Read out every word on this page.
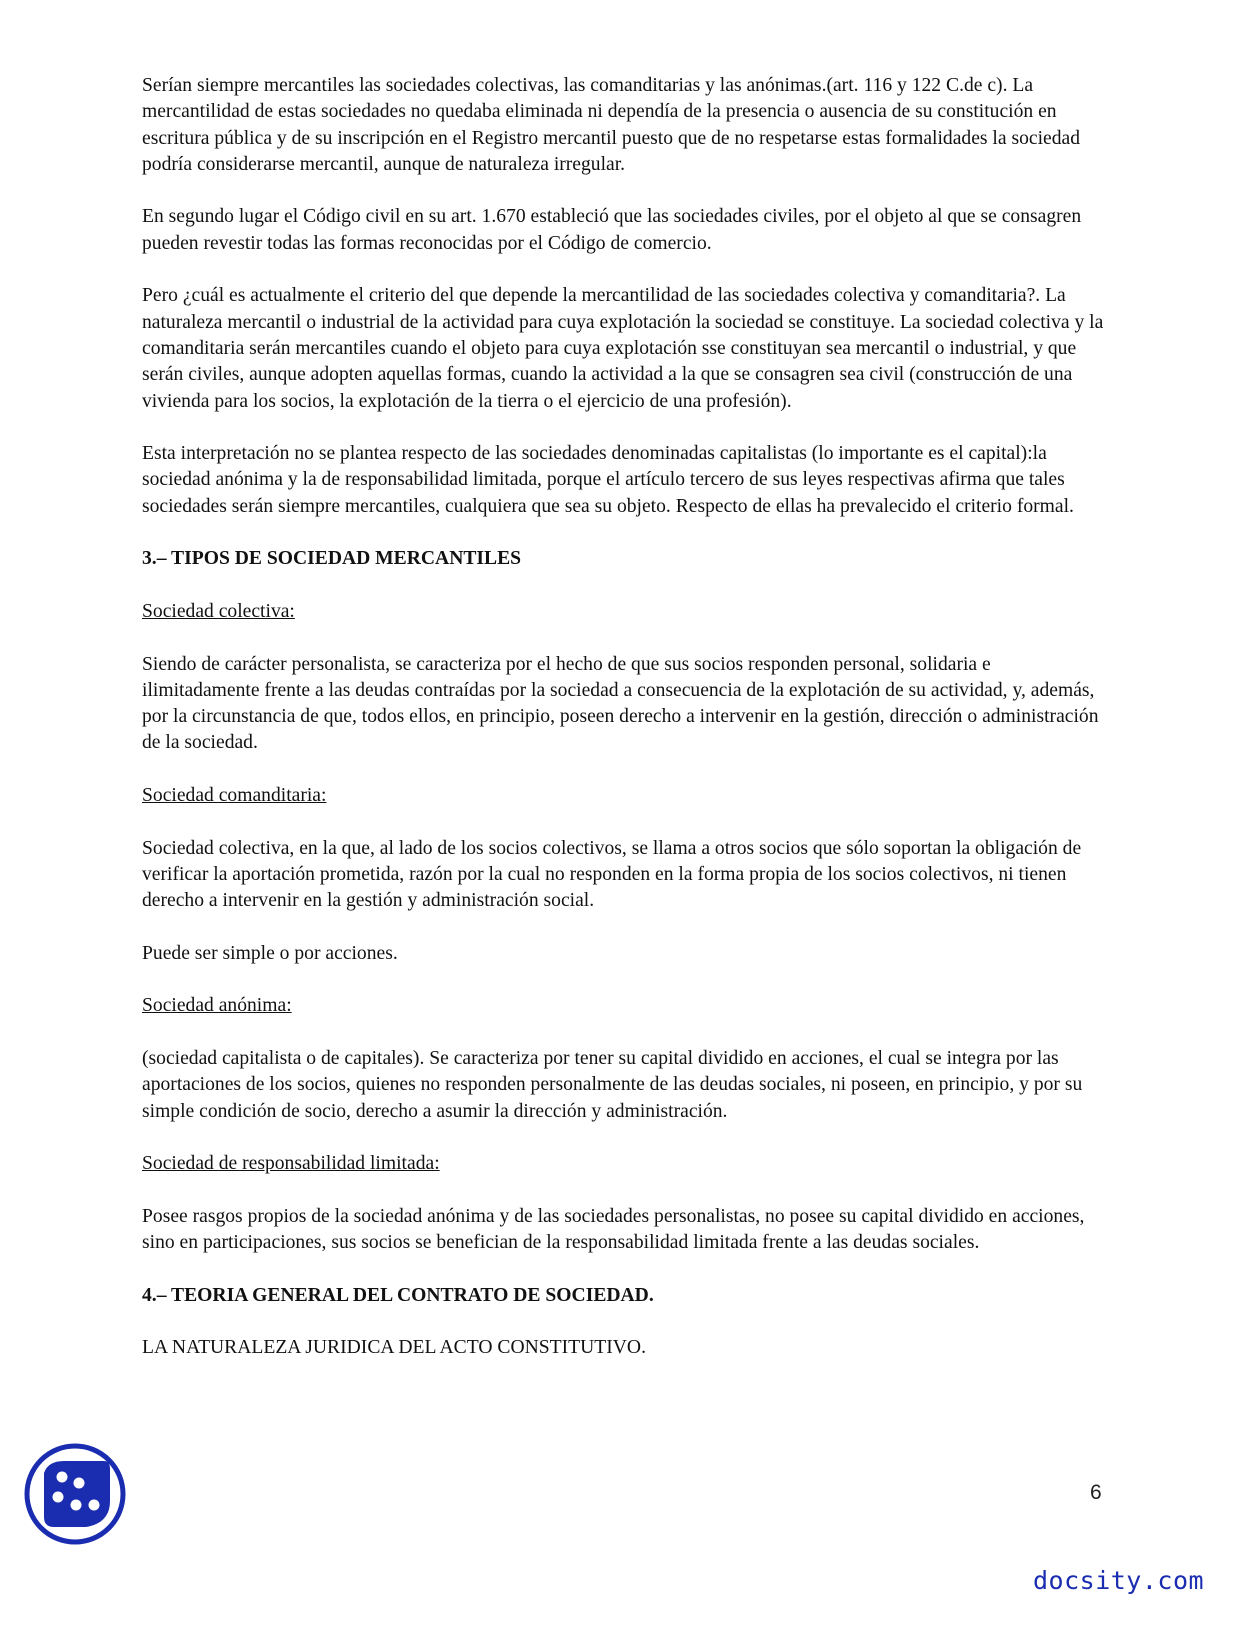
Serían siempre mercantiles las sociedades colectivas, las comanditarias y las anónimas.(art. 116 y 122 C.de c). La mercantilidad de estas sociedades no quedaba eliminada ni dependía de la presencia o ausencia de su constitución en escritura pública y de su inscripción en el Registro mercantil puesto que de no respetarse estas formalidades la sociedad podría considerarse mercantil, aunque de naturaleza irregular.

En segundo lugar el Código civil en su art. 1.670 estableció que las sociedades civiles, por el objeto al que se consagren pueden revestir todas las formas reconocidas por el Código de comercio.

Pero ¿cuál es actualmente el criterio del que depende la mercantilidad de las sociedades colectiva y comanditaria?. La naturaleza mercantil o industrial de la actividad para cuya explotación la sociedad se constituye. La sociedad colectiva y la comanditaria serán mercantiles cuando el objeto para cuya explotación sse constituyan sea mercantil o industrial, y que serán civiles, aunque adopten aquellas formas, cuando la actividad a la que se consagren sea civil (construcción de una vivienda para los socios, la explotación de la tierra o el ejercicio de una profesión).

Esta interpretación no se plantea respecto de las sociedades denominadas capitalistas (lo importante es el capital):la sociedad anónima y la de responsabilidad limitada, porque el artículo tercero de sus leyes respectivas afirma que tales sociedades serán siempre mercantiles, cualquiera que sea su objeto. Respecto de ellas ha prevalecido el criterio formal.

3.– TIPOS DE SOCIEDAD MERCANTILES

Sociedad colectiva:

Siendo de carácter personalista, se caracteriza por el hecho de que sus socios responden personal, solidaria e ilimitadamente frente a las deudas contraídas por la sociedad a consecuencia de la explotación de su actividad, y, además, por la circunstancia de que, todos ellos, en principio, poseen derecho a intervenir en la gestión, dirección o administración de la sociedad.

Sociedad comanditaria:

Sociedad colectiva, en la que, al lado de los socios colectivos, se llama a otros socios que sólo soportan la obligación de verificar la aportación prometida, razón por la cual no responden en la forma propia de los socios colectivos, ni tienen derecho a intervenir en la gestión y administración social.

Puede ser simple o por acciones.

Sociedad anónima:

(sociedad capitalista o de capitales). Se caracteriza por tener su capital dividido en acciones, el cual se integra por las aportaciones de los socios, quienes no responden personalmente de las deudas sociales, ni poseen, en principio, y por su simple condición de socio, derecho a asumir la dirección y administración.

Sociedad de responsabilidad limitada:

Posee rasgos propios de la sociedad anónima y de las sociedades personalistas, no posee su capital dividido en acciones, sino en participaciones, sus socios se benefician de la responsabilidad limitada frente a las deudas sociales.

4.– TEORIA GENERAL DEL CONTRATO DE SOCIEDAD.

LA NATURALEZA JURIDICA DEL ACTO CONSTITUTIVO.

6
docsity.com
